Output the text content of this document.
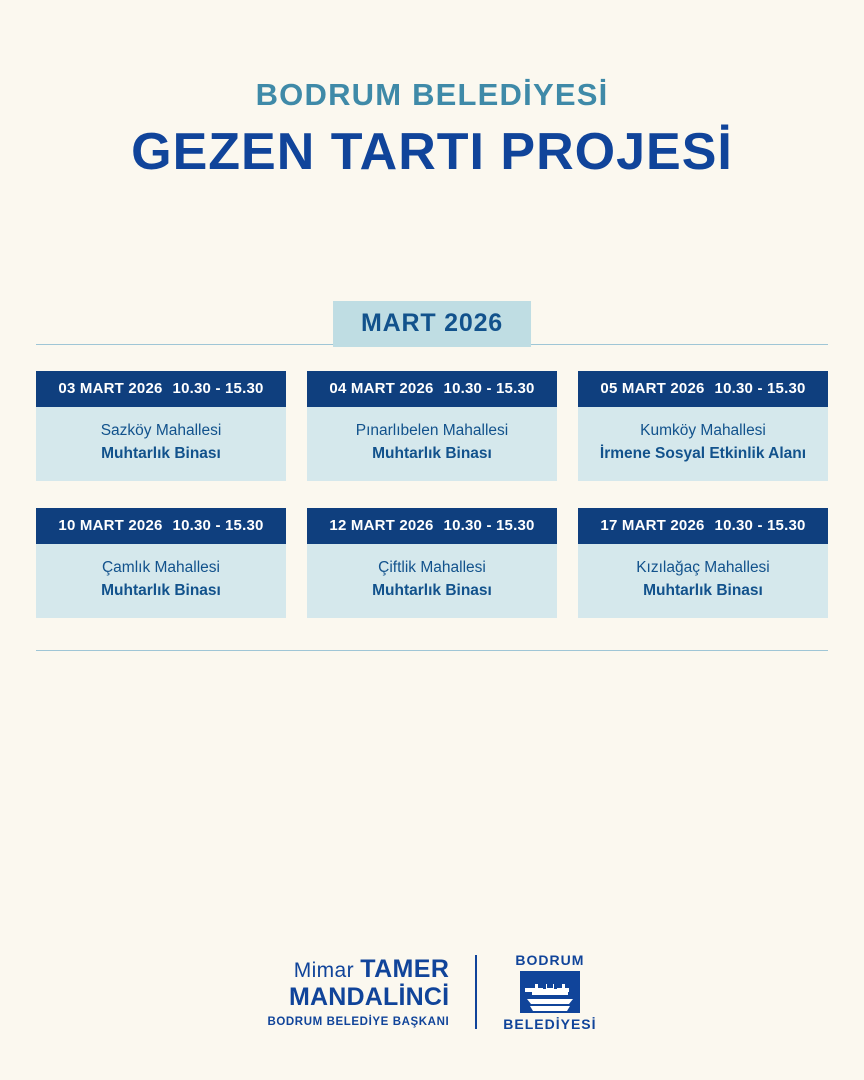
BODRUM BELEDİYESİ
GEZEN TARTI PROJESİ
MART 2026
03 MART 2026 10.30 - 15.30
Sazköy Mahallesi
Muhtarlık Binası
04 MART 2026 10.30 - 15.30
Pınarlıbelen Mahallesi
Muhtarlık Binası
05 MART 2026 10.30 - 15.30
Kumköy Mahallesi
İrmene Sosyal Etkinlik Alanı
10 MART 2026 10.30 - 15.30
Çamlık Mahallesi
Muhtarlık Binası
12 MART 2026 10.30 - 15.30
Çiftlik Mahallesi
Muhtarlık Binası
17 MART 2026 10.30 - 15.30
Kızılağaç Mahallesi
Muhtarlık Binası
Mimar TAMER
MANDALİNCİ
BODRUM BELEDİYE BAŞKANI
BODRUM
BELEDİYESİ
